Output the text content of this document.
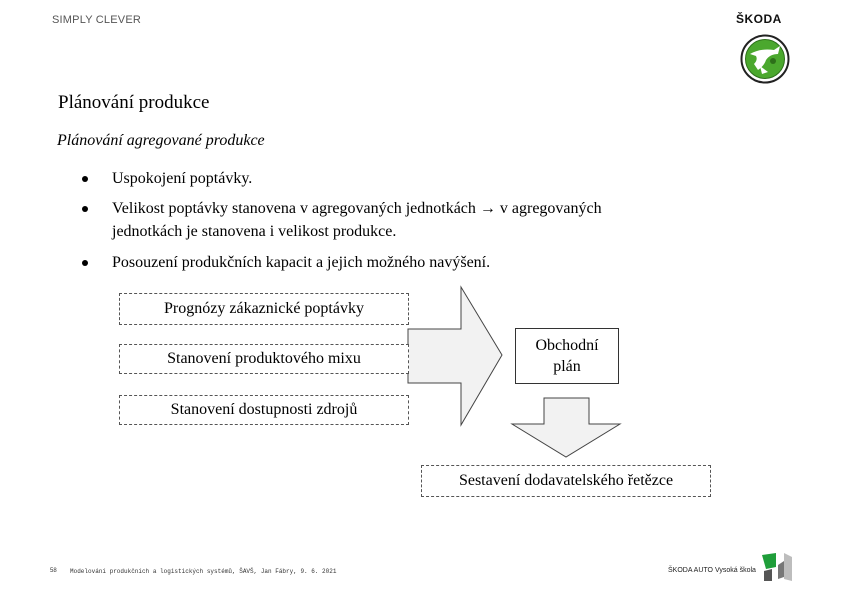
SIMPLY CLEVER	ŠKODA
Plánování produkce
Plánování agregované produkce
Uspokojení poptávky.
Velikost poptávky stanovena v agregovaných jednotkách → v agregovaných
jednotkách je stanovena i velikost produkce.
Posouzení produkčních kapacit a jejich možného navýšení.
Prognózy zákaznické poptávky
Stanovení produktového mixu
Stanovení dostupnosti zdrojů
Obchodní
plán
Sestavení dodavatelského řetězce
58 Modelování produkčních a logistických systémů, ŠAVŠ, Jan Fábry, 9. 6. 2021	ŠKODA AUTO Vysoká škola
